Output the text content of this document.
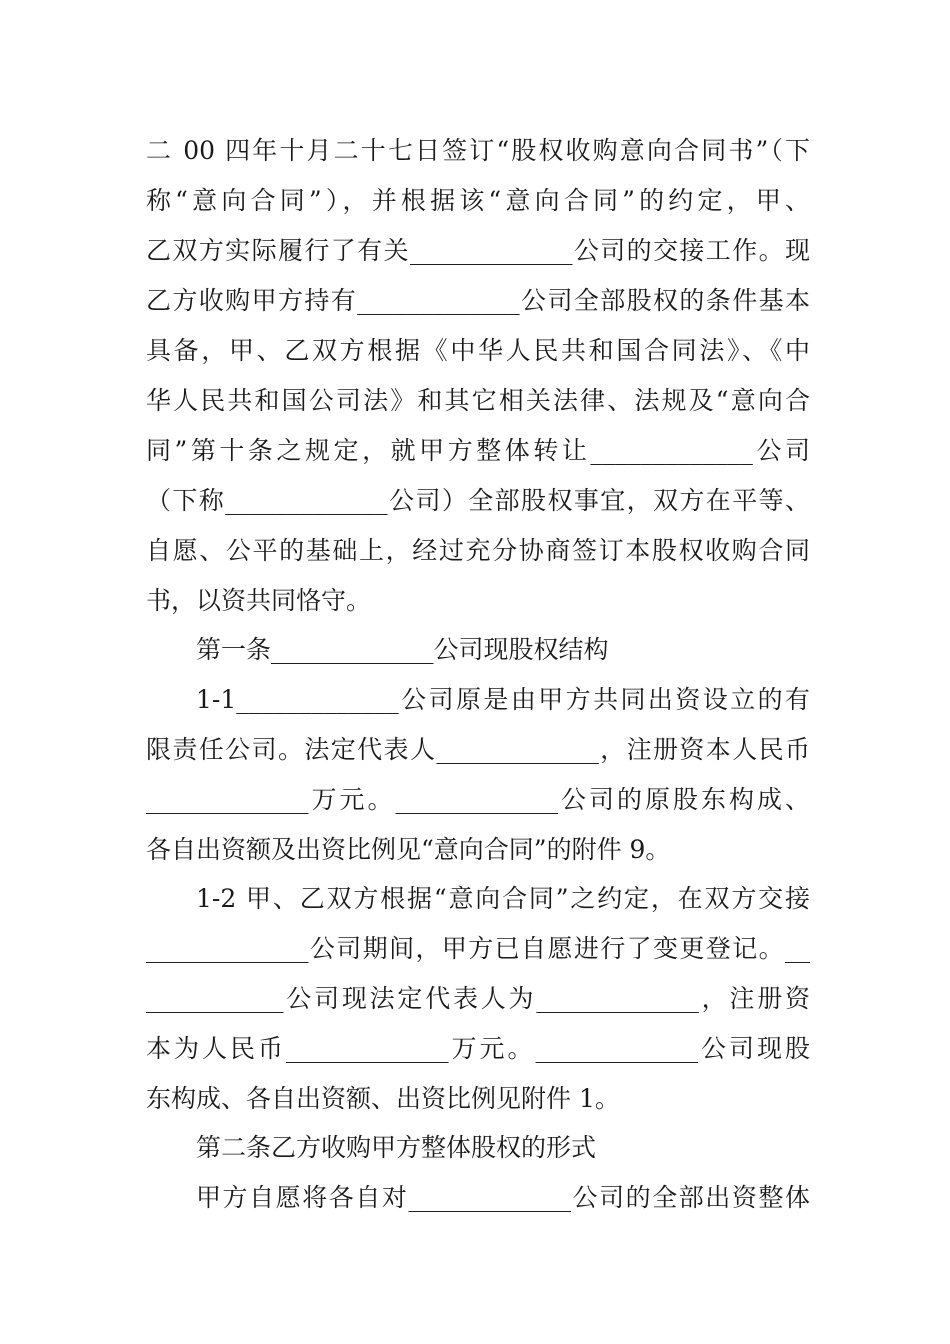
二 00 四年十月二十七日签订“股权收购意向合同书”（下
称“意向合同”），并根据该“意向合同”的约定，甲、
乙双方实际履行了有关_____________公司的交接工作。现
乙方收购甲方持有_____________公司全部股权的条件基本
具备，甲、乙双方根据《中华人民共和国合同法》、《中
华人民共和国公司法》和其它相关法律、法规及“意向合
同”第十条之规定，就甲方整体转让_____________公司
（下称_____________公司）全部股权事宜，双方在平等、
自愿、公平的基础上，经过充分协商签订本股权收购合同
书，以资共同恪守。
第一条_____________公司现股权结构
1-1_____________公司原是由甲方共同出资设立的有
限责任公司。法定代表人_____________，注册资本人民币
_____________万元。_____________公司的原股东构成、
各自出资额及出资比例见“意向合同”的附件 9。
1-2 甲、乙双方根据“意向合同”之约定，在双方交接
_____________公司期间，甲方已自愿进行了变更登记。__
___________公司现法定代表人为_____________，注册资
本为人民币_____________万元。_____________公司现股
东构成、各自出资额、出资比例见附件 1。
第二条乙方收购甲方整体股权的形式
甲方自愿将各自对_____________公司的全部出资整体
